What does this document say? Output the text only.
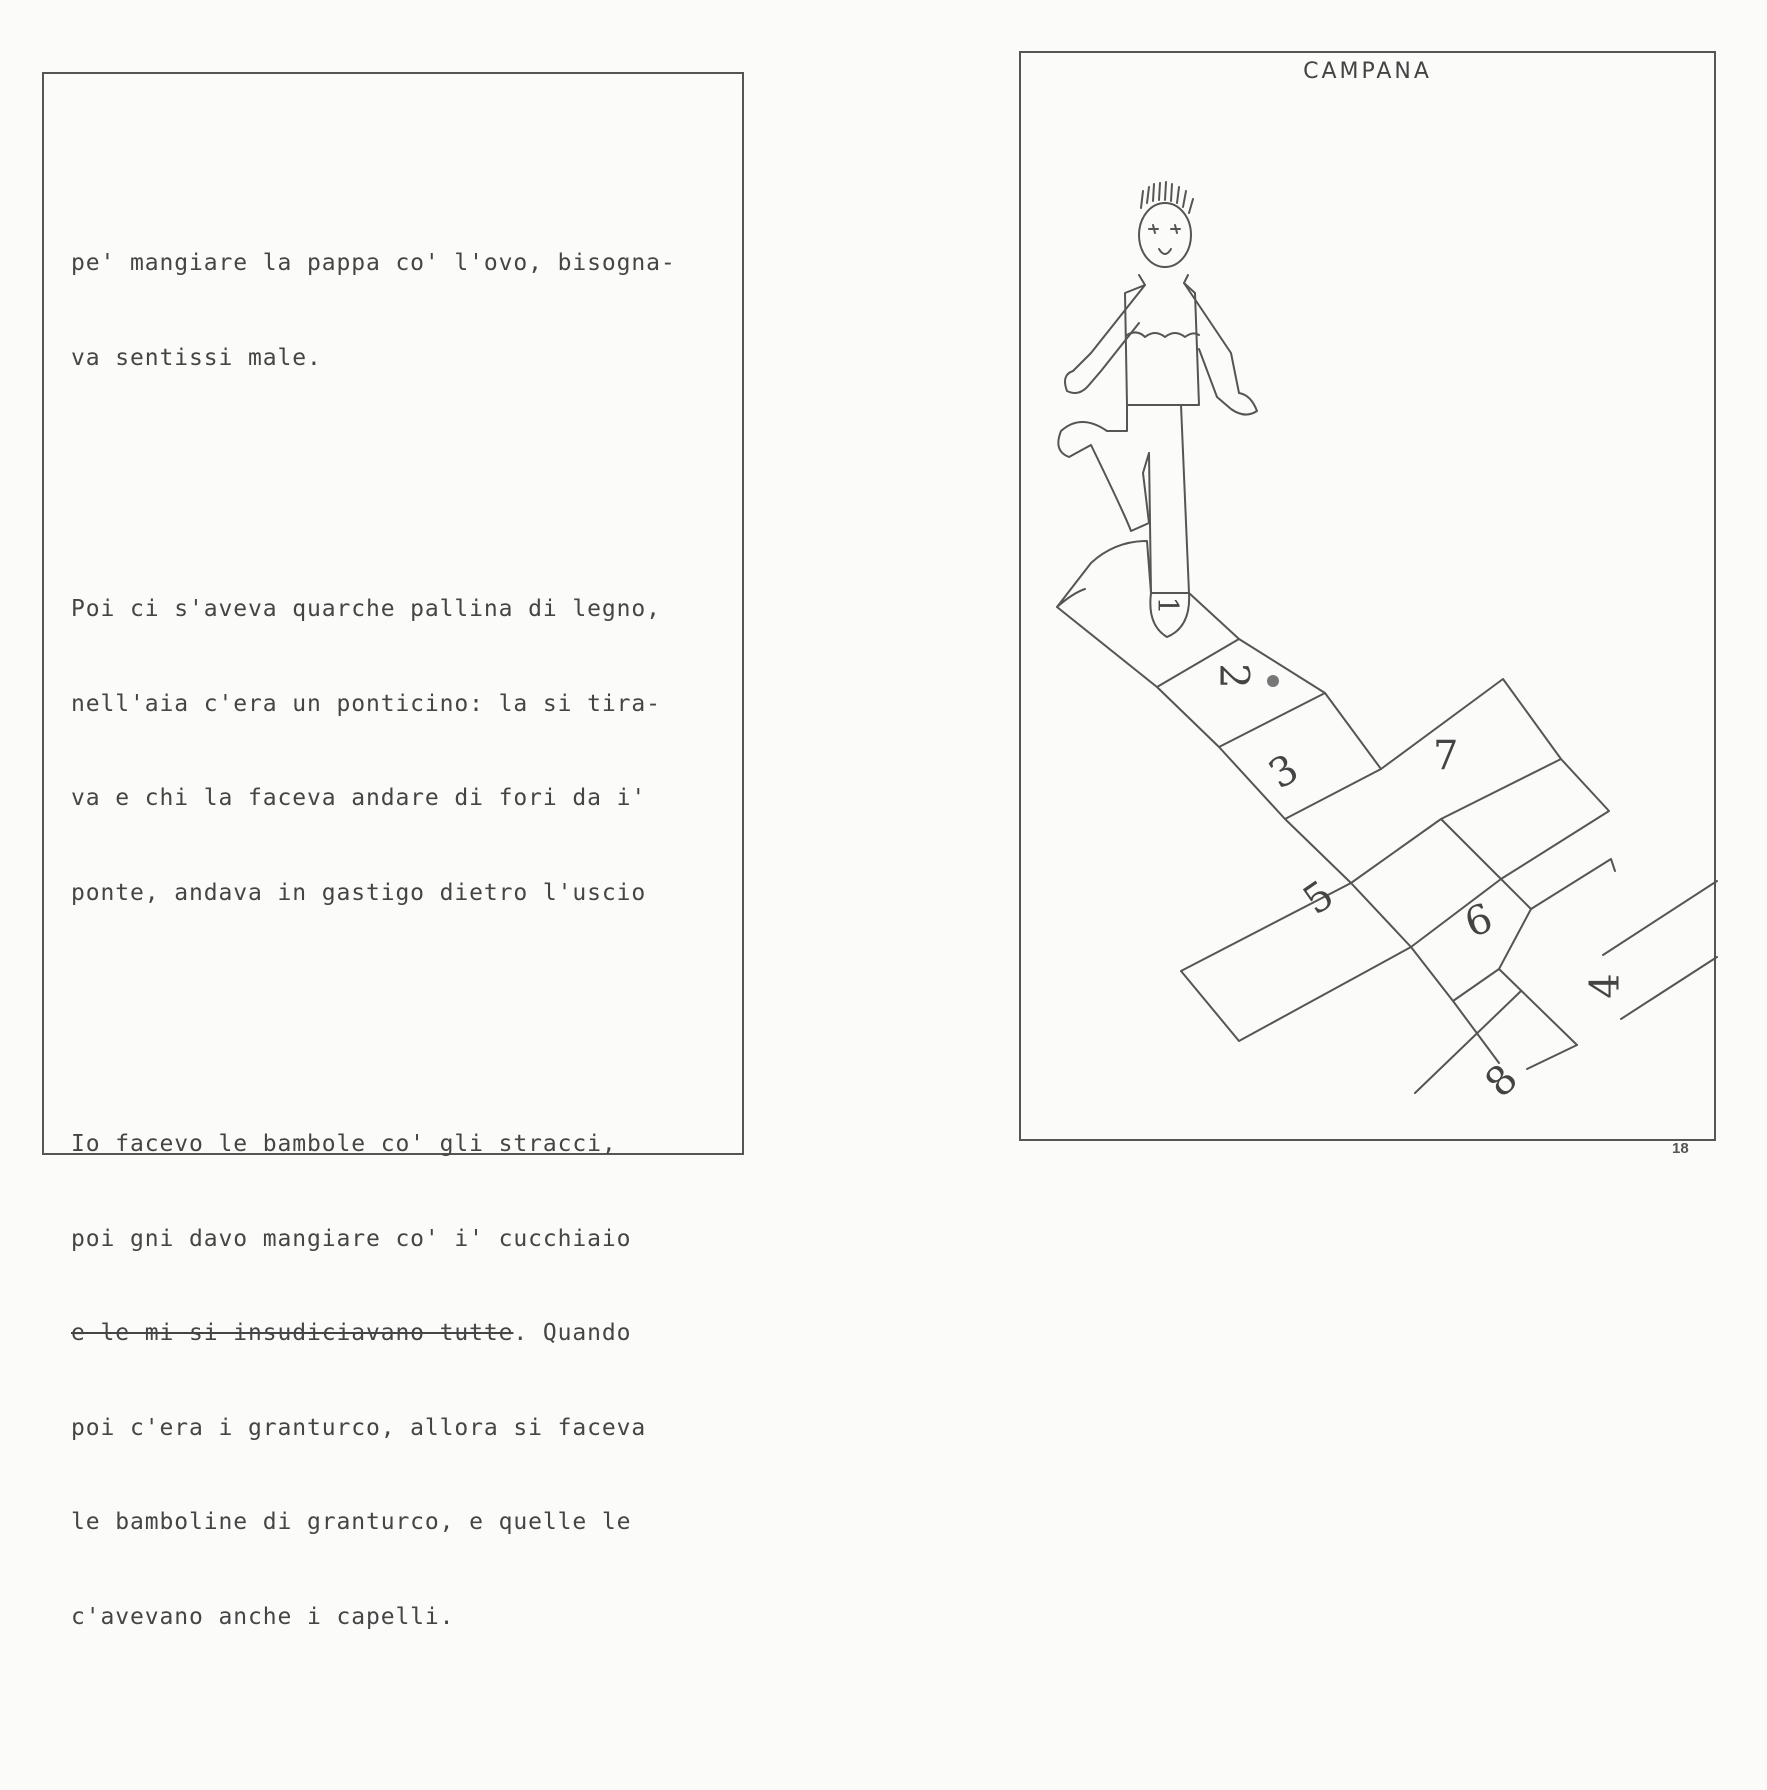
pe' mangiare la pappa co' l'ovo, bisogna-

va sentissi male.

Poi ci s'aveva quarche pallina di legno,

nell'aia c'era un ponticino: la si tira-

va e chi la faceva andare di fori da i'

ponte, andava in gastigo dietro l'uscio

Io facevo le bambole co' gli stracci,

poi gni davo mangiare co' i' cucchiaio

e le mi si insudiciavano tutte. Quando

poi c'era i granturco, allora si faceva

le bamboline di granturco, e quelle le

c'avevano anche i capelli.

CAMPANA
8
7
6
5
4
3
2
1
18
